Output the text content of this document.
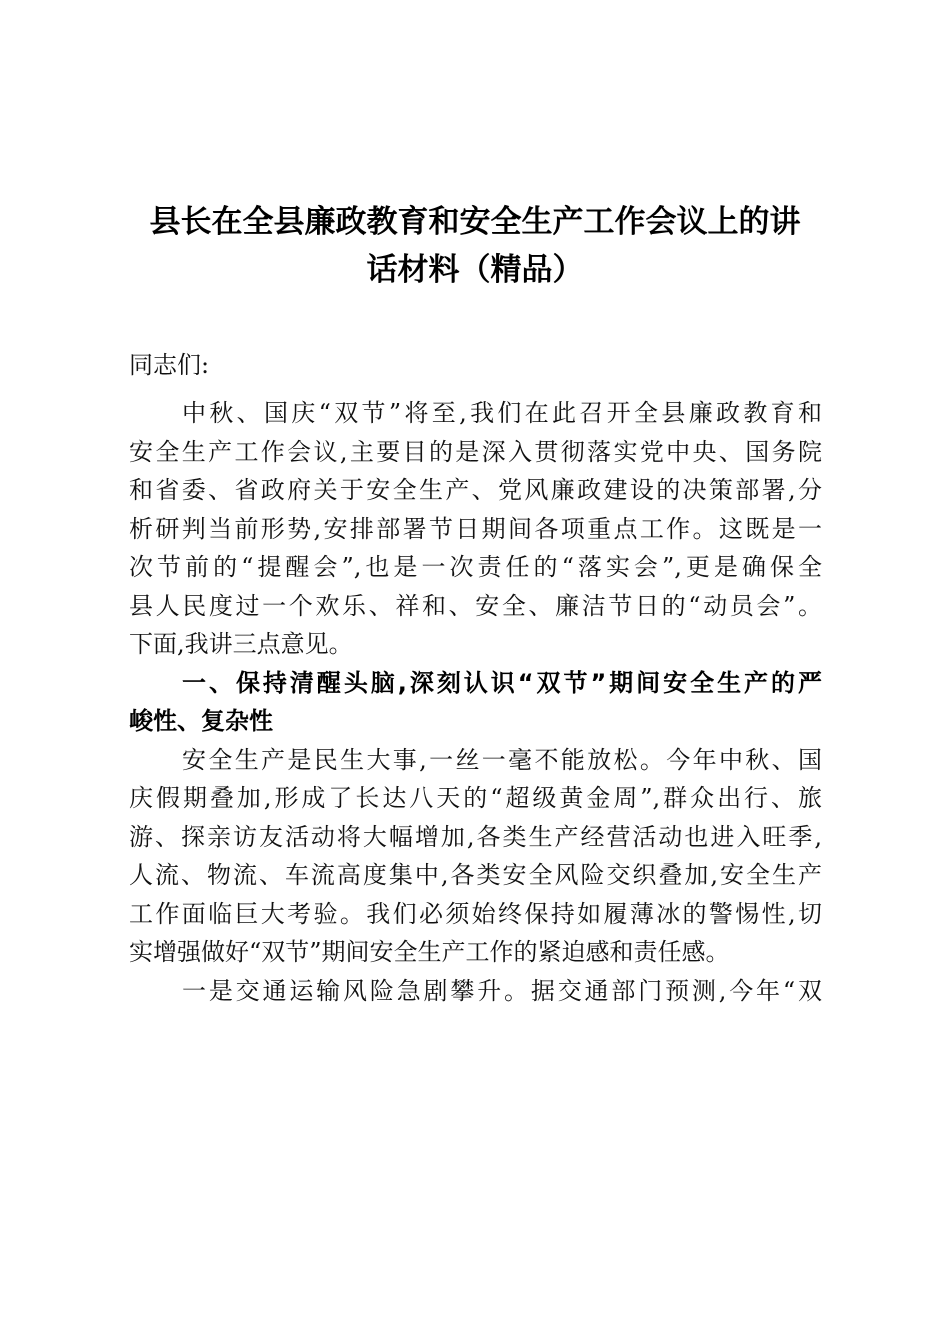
县长在全县廉政教育和安全生产工作会议上的讲
话材料（精品）
同志们:
中秋、国庆“双节”将至,我们在此召开全县廉政教育和
安全生产工作会议,主要目的是深入贯彻落实党中央、国务院
和省委、省政府关于安全生产、党风廉政建设的决策部署,分
析研判当前形势,安排部署节日期间各项重点工作。这既是一
次节前的“提醒会”,也是一次责任的“落实会”,更是确保全
县人民度过一个欢乐、祥和、安全、廉洁节日的“动员会”。
下面,我讲三点意见。
一、保持清醒头脑,深刻认识“双节”期间安全生产的严
峻性、复杂性
安全生产是民生大事,一丝一毫不能放松。今年中秋、国
庆假期叠加,形成了长达八天的“超级黄金周”,群众出行、旅
游、探亲访友活动将大幅增加,各类生产经营活动也进入旺季,
人流、物流、车流高度集中,各类安全风险交织叠加,安全生产
工作面临巨大考验。我们必须始终保持如履薄冰的警惕性,切
实增强做好“双节”期间安全生产工作的紧迫感和责任感。
一是交通运输风险急剧攀升。据交通部门预测,今年“双
